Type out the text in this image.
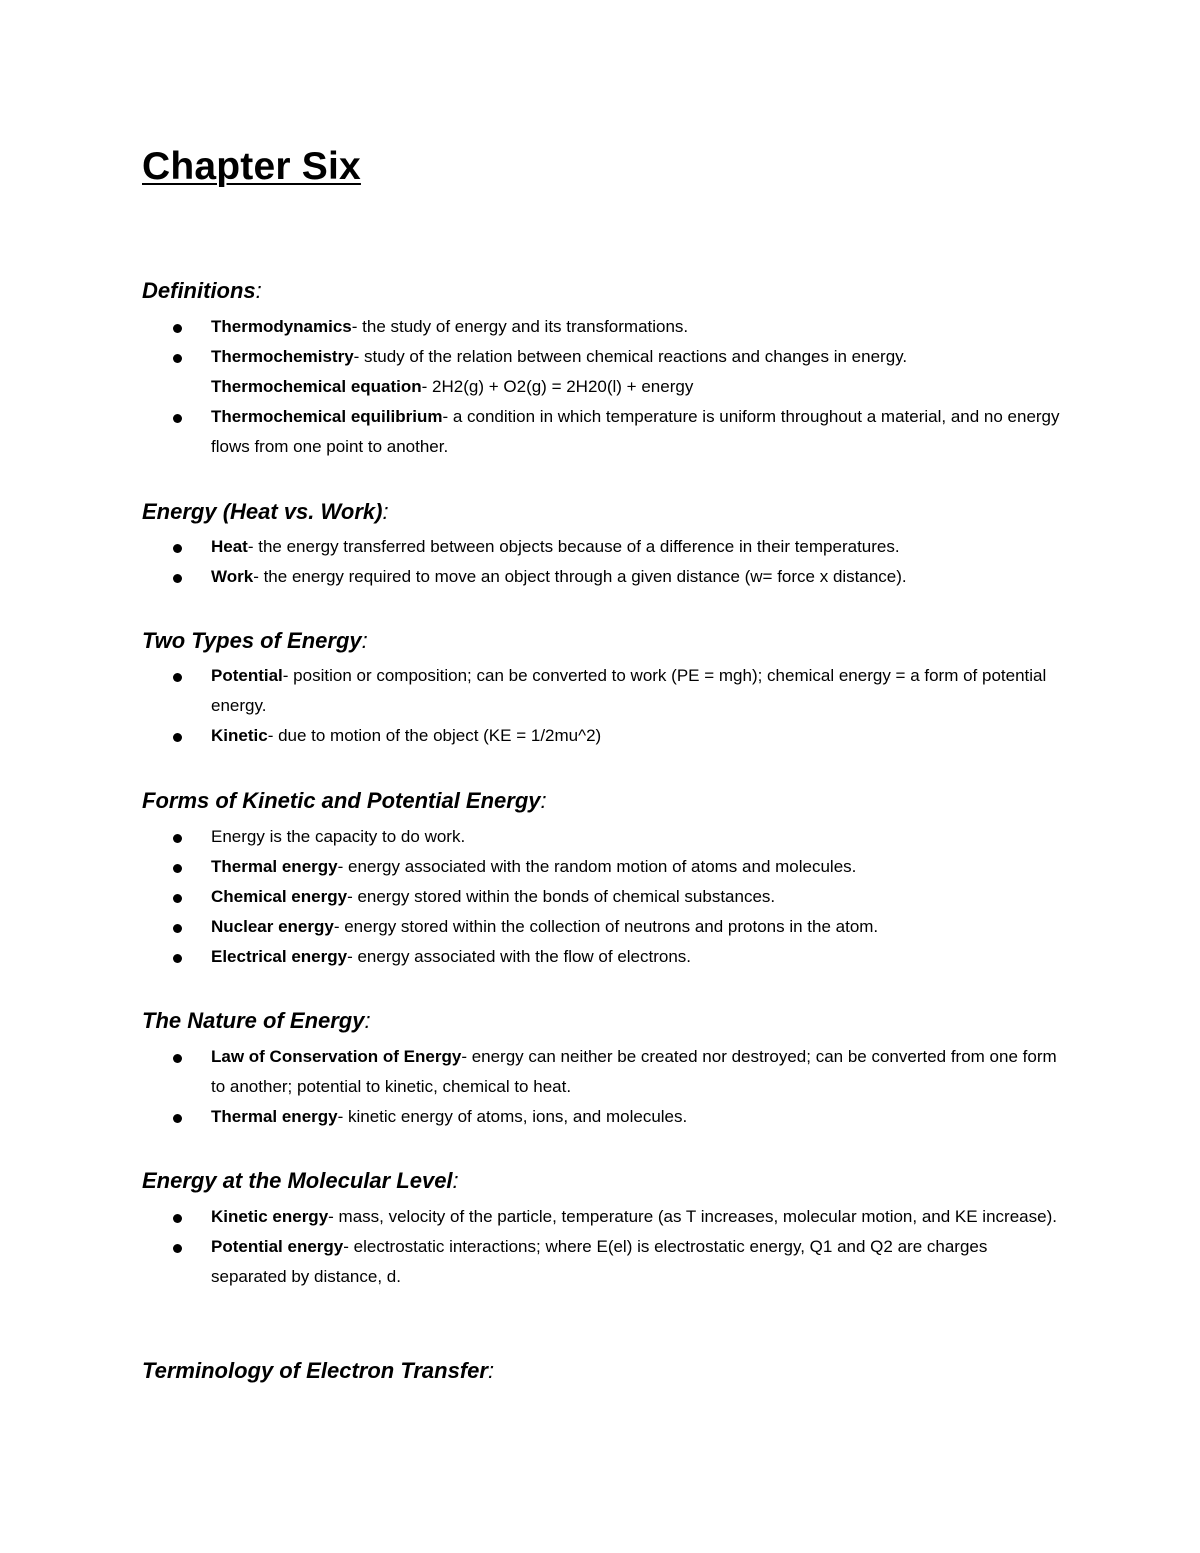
Chapter Six
Definitions:
Thermodynamics- the study of energy and its transformations.
Thermochemistry- study of the relation between chemical reactions and changes in energy.
Thermochemical equation- 2H2(g) + O2(g) = 2H20(l) + energy
Thermochemical equilibrium- a condition in which temperature is uniform throughout a material, and no energy flows from one point to another.
Energy (Heat vs. Work):
Heat- the energy transferred between objects because of a difference in their temperatures.
Work- the energy required to move an object through a given distance (w= force x distance).
Two Types of Energy:
Potential- position or composition; can be converted to work (PE = mgh); chemical energy = a form of potential energy.
Kinetic- due to motion of the object (KE = 1/2mu^2)
Forms of Kinetic and Potential Energy:
Energy is the capacity to do work.
Thermal energy- energy associated with the random motion of atoms and molecules.
Chemical energy- energy stored within the bonds of chemical substances.
Nuclear energy- energy stored within the collection of neutrons and protons in the atom.
Electrical energy- energy associated with the flow of electrons.
The Nature of Energy:
Law of Conservation of Energy- energy can neither be created nor destroyed; can be converted from one form to another; potential to kinetic, chemical to heat.
Thermal energy- kinetic energy of atoms, ions, and molecules.
Energy at the Molecular Level:
Kinetic energy- mass, velocity of the particle, temperature (as T increases, molecular motion, and KE increase).
Potential energy- electrostatic interactions; where E(el) is electrostatic energy, Q1 and Q2 are charges separated by distance, d.
Terminology of Electron Transfer:
